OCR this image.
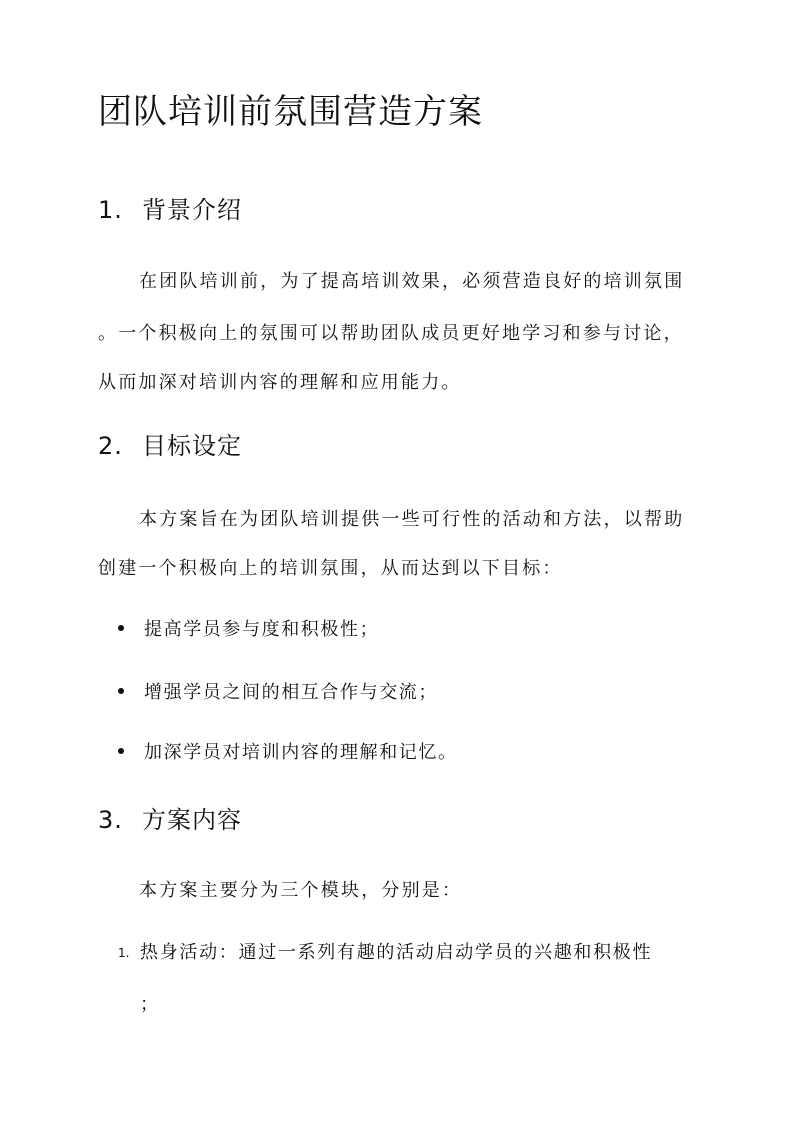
团队培训前氛围营造方案
1. 背景介绍
在团队培训前，为了提高培训效果，必须营造良好的培训氛围
。一个积极向上的氛围可以帮助团队成员更好地学习和参与讨论，
从而加深对培训内容的理解和应用能力。
2. 目标设定
本方案旨在为团队培训提供一些可行性的活动和方法，以帮助
创建一个积极向上的培训氛围，从而达到以下目标：
提高学员参与度和积极性；
增强学员之间的相互合作与交流；
加深学员对培训内容的理解和记忆。
3. 方案内容
本方案主要分为三个模块，分别是：
1. 热身活动：通过一系列有趣的活动启动学员的兴趣和积极性
；
